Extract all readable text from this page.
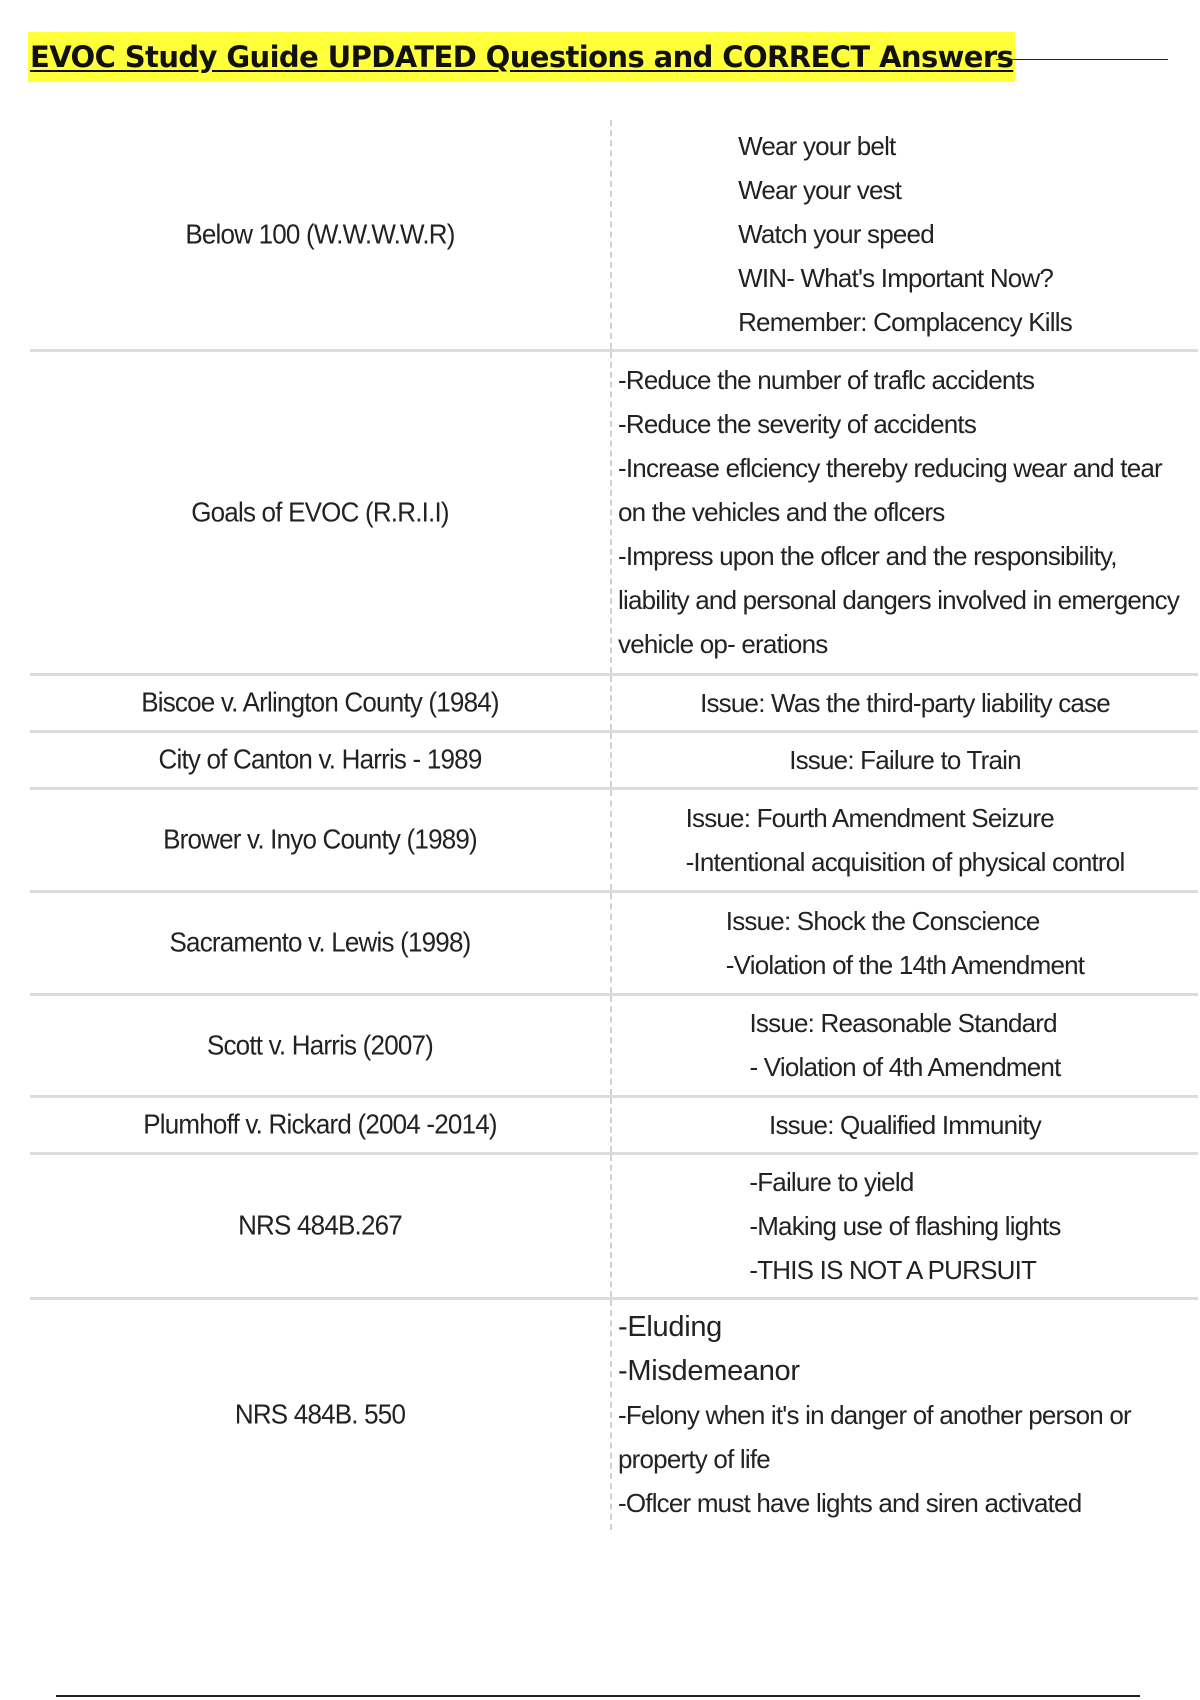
EVOC Study Guide UPDATED Questions and CORRECT Answers
Below 100 (W.W.W.W.R)	Wear your belt
Wear your vest
Watch your speed
WIN- What's Important Now?
Remember: Complacency Kills

Goals of EVOC (R.R.I.I)	-Reduce the number of traflc accidents
-Reduce the severity of accidents
-Increase eflciency thereby reducing wear and tear on the vehicles and the oflcers
-Impress upon the oflcer and the responsibility, liability and personal dangers involved in emergency vehicle op- erations

Biscoe v. Arlington County (1984)	Issue: Was the third-party liability case

City of Canton v. Harris - 1989	Issue: Failure to Train

Brower v. Inyo County (1989)	Issue: Fourth Amendment Seizure
-Intentional acquisition of physical control

Sacramento v. Lewis (1998)	Issue: Shock the Conscience
-Violation of the 14th Amendment

Scott v. Harris (2007)	Issue: Reasonable Standard
- Violation of 4th Amendment

Plumhoff v. Rickard (2004 -2014)	Issue: Qualified Immunity

NRS 484B.267	-Failure to yield
-Making use of flashing lights
-THIS IS NOT A PURSUIT

NRS 484B. 550	-Eluding
-Misdemeanor
-Felony when it's in danger of another person or property of life
-Oflcer must have lights and siren activated
